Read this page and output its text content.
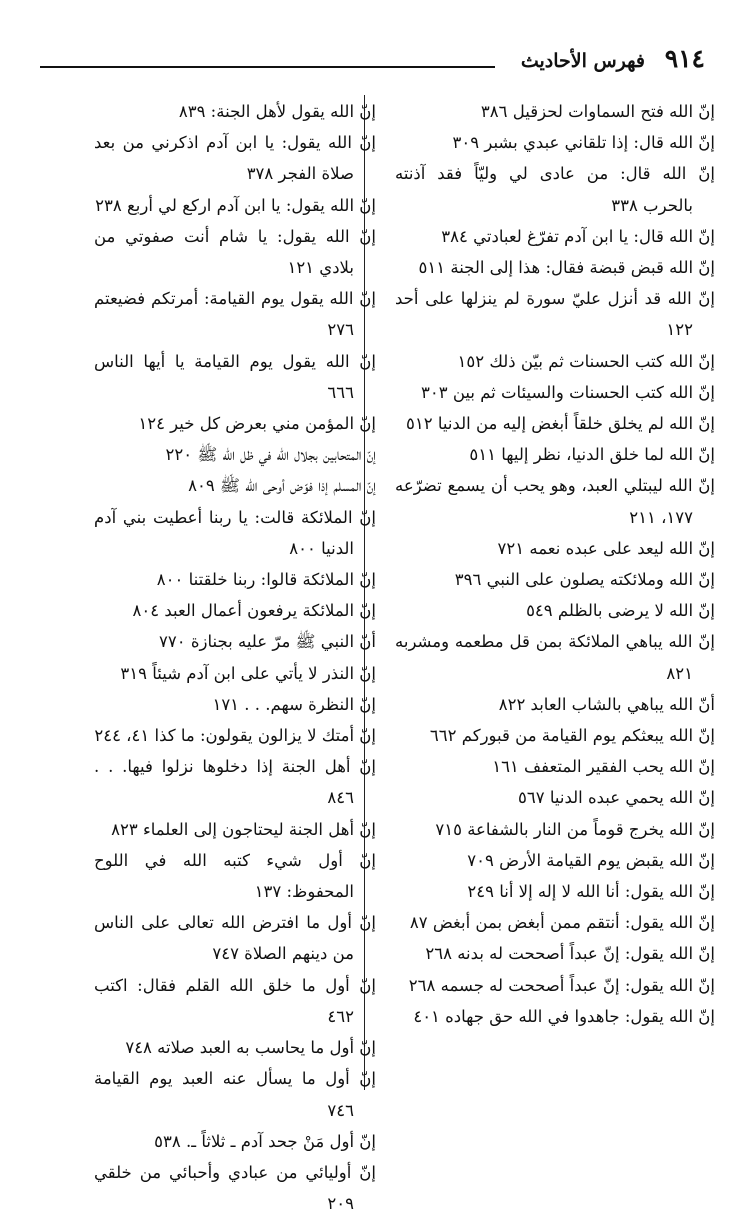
٩١٤
فهرس الأحاديث

إنّ الله فتح السماوات لحزقيل ٣٨٦

إنّ الله قال: إذا تلقاني عبدي بشبر ٣٠٩

إنّ الله قال: من عادى لي وليّاً فقد آذنته بالحرب ٣٣٨

إنّ الله قال: يا ابن آدم تفرّغ لعبادتي ٣٨٤

إنّ الله قبض قبضة فقال: هذا إلى الجنة ٥١١

إنّ الله قد أنزل عليّ سورة لم ينزلها على أحد ١٢٢

إنّ الله كتب الحسنات ثم بيّن ذلك ١٥٢

إنّ الله كتب الحسنات والسيئات ثم بين ٣٠٣

إنّ الله لم يخلق خلقاً أبغض إليه من الدنيا ٥١٢

إنّ الله لما خلق الدنيا، نظر إليها ٥١١

إنّ الله ليبتلي العبد، وهو يحب أن يسمع تضرّعه ١٧٧، ٢١١

إنّ الله ليعد على عبده نعمه ٧٢١

إنّ الله وملائكته يصلون على النبي ٣٩٦

إنّ الله لا يرضى بالظلم ٥٤٩

إنّ الله يباهي الملائكة بمن قل مطعمه ومشربه ٨٢١

أنّ الله يباهي بالشاب العابد ٨٢٢

إنّ الله يبعثكم يوم القيامة من قبوركم ٦٦٢

إنّ الله يحب الفقير المتعفف ١٦١

إنّ الله يحمي عبده الدنيا ٥٦٧

إنّ الله يخرج قوماً من النار بالشفاعة ٧١٥

إنّ الله يقبض يوم القيامة الأرض ٧٠٩

إنّ الله يقول: أنا الله لا إله إلا أنا ٢٤٩

إنّ الله يقول: أنتقم ممن أبغض بمن أبغض ٨٧

إنّ الله يقول: إنّ عبداً أصححت له بدنه ٢٦٨

إنّ الله يقول: إنّ عبداً أصححت له جسمه ٢٦٨

إنّ الله يقول: جاهدوا في الله حق جهاده ٤٠١

إنّ الله يقول لأهل الجنة: ٨٣٩

إنّ الله يقول: يا ابن آدم اذكرني من بعد صلاة الفجر ٣٧٨

إنّ الله يقول: يا ابن آدم اركع لي أربع ٢٣٨

إنّ الله يقول: يا شام أنت صفوتي من بلادي ١٢١

إنّ الله يقول يوم القيامة: أمرتكم فضيعتم ٢٧٦

إنّ الله يقول يوم القيامة يا أيها الناس ٦٦٦

إنّ المؤمن مني بعرض كل خير ١٢٤

إنّ المتحابين بجلال الله في ظل الله ﷺ ٢٢٠

إنّ المسلم إذا فوّض أوحى الله ﷺ ٨٠٩

إنّ الملائكة قالت: يا ربنا أعطيت بني آدم الدنيا ٨٠٠

إنّ الملائكة قالوا: ربنا خلقتنا ٨٠٠

إنّ الملائكة يرفعون أعمال العبد ٨٠٤

أنّ النبي ﷺ مرّ عليه بجنازة ٧٧٠

إنّ النذر لا يأتي على ابن آدم شيئاً ٣١٩

إنّ النظرة سهم. . . ١٧١

إنّ أمتك لا يزالون يقولون: ما كذا ٤١، ٢٤٤

إنّ أهل الجنة إذا دخلوها نزلوا فيها. . . ٨٤٦

إنّ أهل الجنة ليحتاجون إلى العلماء ٨٢٣

إنّ أول شيء كتبه الله في اللوح المحفوظ: ١٣٧

إنّ أول ما افترض الله تعالى على الناس من دينهم الصلاة ٧٤٧

إنّ أول ما خلق الله القلم فقال: اكتب ٤٦٢

إنّ أول ما يحاسب به العبد صلاته ٧٤٨

إنّ أول ما يسأل عنه العبد يوم القيامة ٧٤٦

إنّ أول مَنْ جحد آدم ـ ثلاثاً ـ. ٥٣٨

إنّ أوليائي من عبادي وأحبائي من خلقي ٢٠٩
